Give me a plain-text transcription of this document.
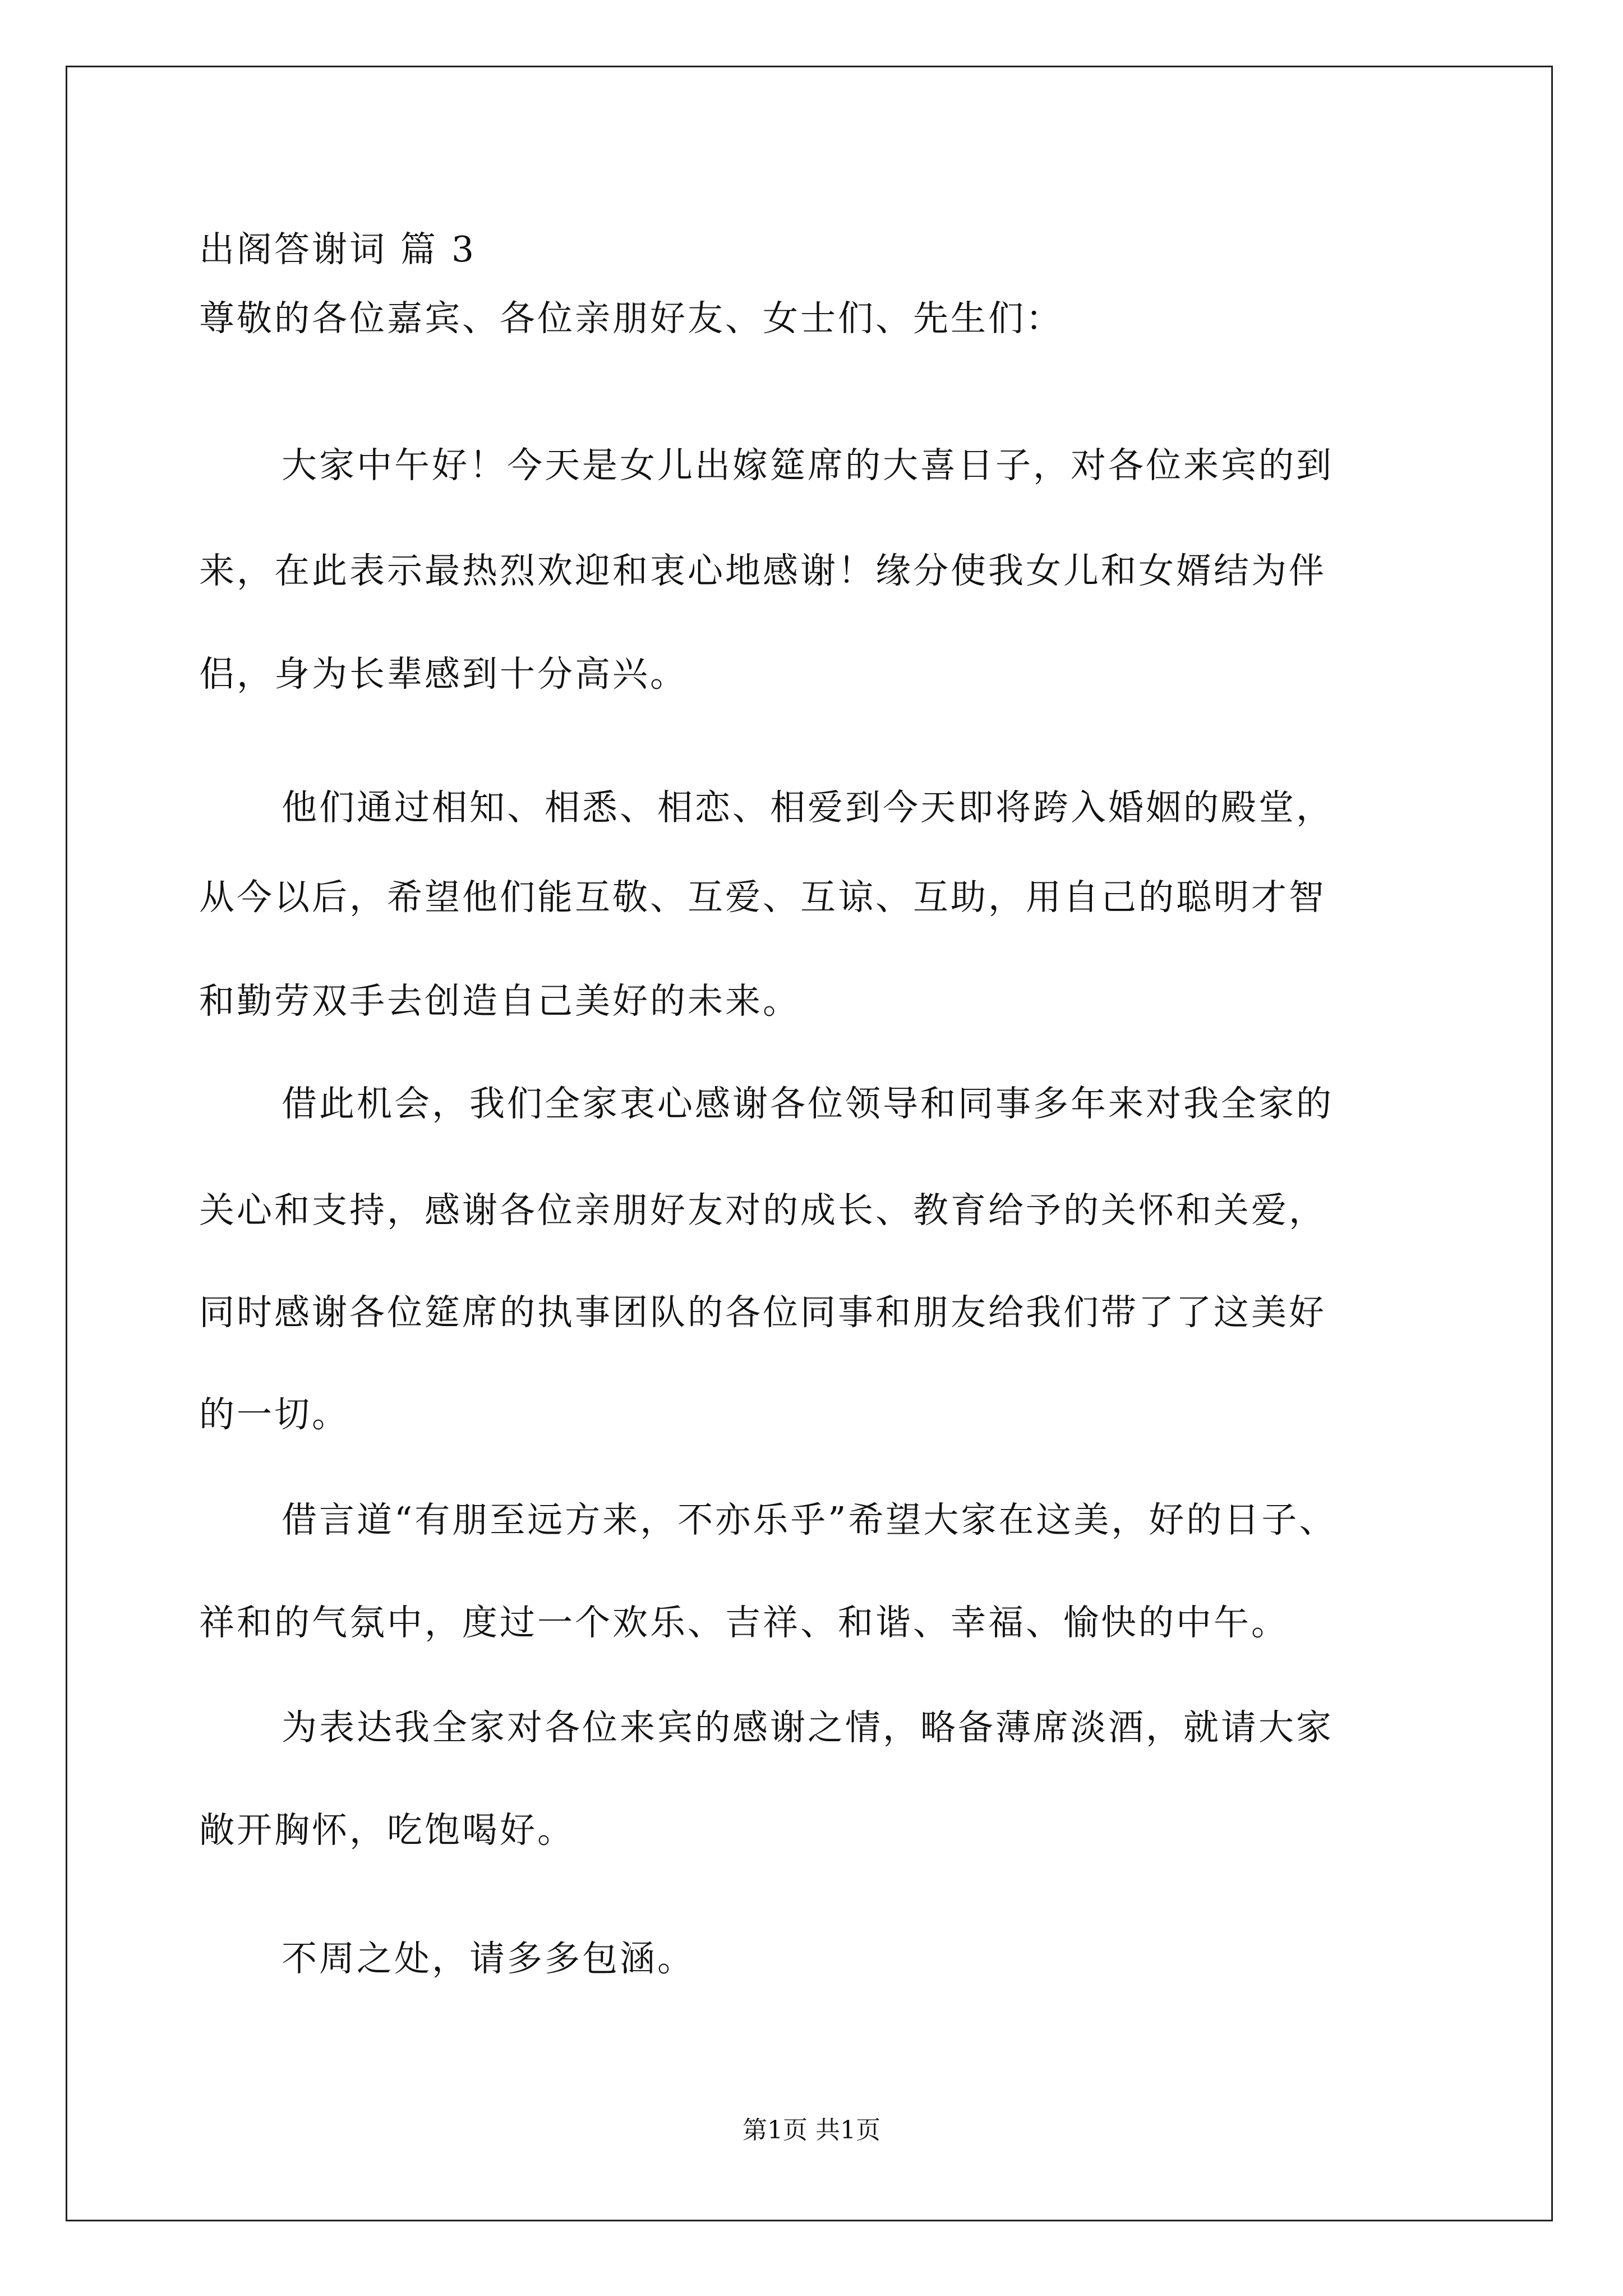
出阁答谢词 篇 3

尊敬的各位嘉宾、各位亲朋好友、女士们、先生们：

大家中午好！今天是女儿出嫁筵席的大喜日子，对各位来宾的到

来，在此表示最热烈欢迎和衷心地感谢！缘分使我女儿和女婿结为伴

侣，身为长辈感到十分高兴。

他们通过相知、相悉、相恋、相爱到今天即将跨入婚姻的殿堂，

从今以后，希望他们能互敬、互爱、互谅、互助，用自己的聪明才智

和勤劳双手去创造自己美好的未来。

借此机会，我们全家衷心感谢各位领导和同事多年来对我全家的

关心和支持，感谢各位亲朋好友对的成长、教育给予的关怀和关爱，

同时感谢各位筵席的执事团队的各位同事和朋友给我们带了了这美好

的一切。

借言道“有朋至远方来，不亦乐乎”希望大家在这美，好的日子、

祥和的气氛中，度过一个欢乐、吉祥、和谐、幸福、愉快的中午。

为表达我全家对各位来宾的感谢之情，略备薄席淡酒，就请大家

敞开胸怀，吃饱喝好。

不周之处，请多多包涵。

第1页 共1页
